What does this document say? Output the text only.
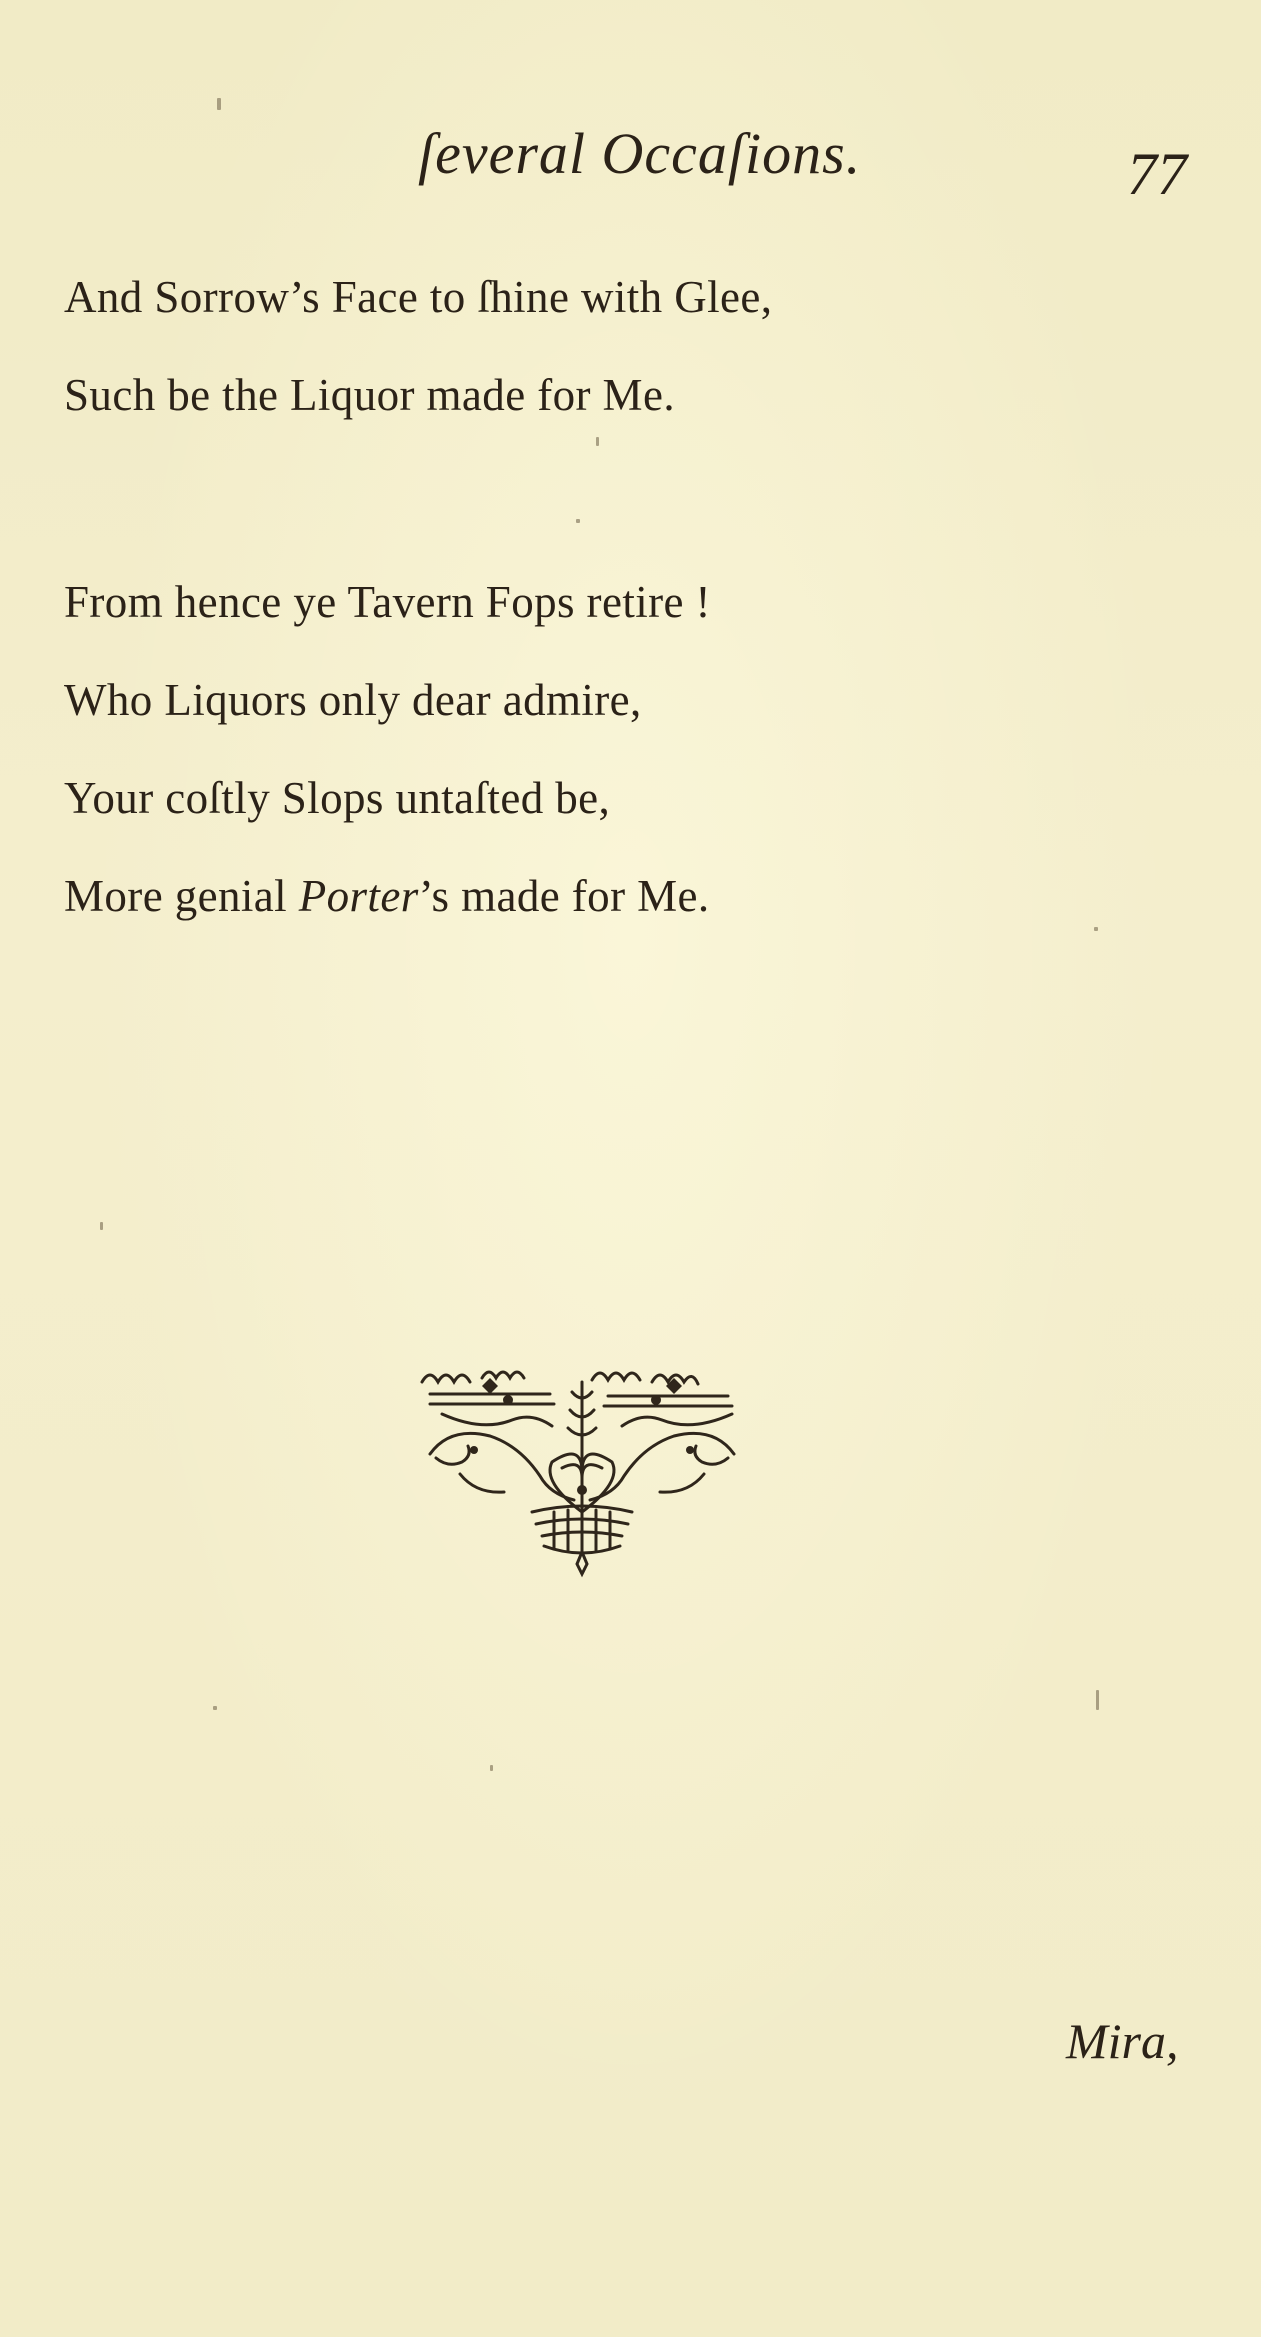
ſeveral Occaſions.	77
And Sorrow’s Face to ſhine with Glee,
Such be the Liquor made for Me.
From hence ye Tavern Fops retire !
Who Liquors only dear admire,
Your coſtly Slops untaſted be,
More genial Porter’s made for Me.
Mira,
